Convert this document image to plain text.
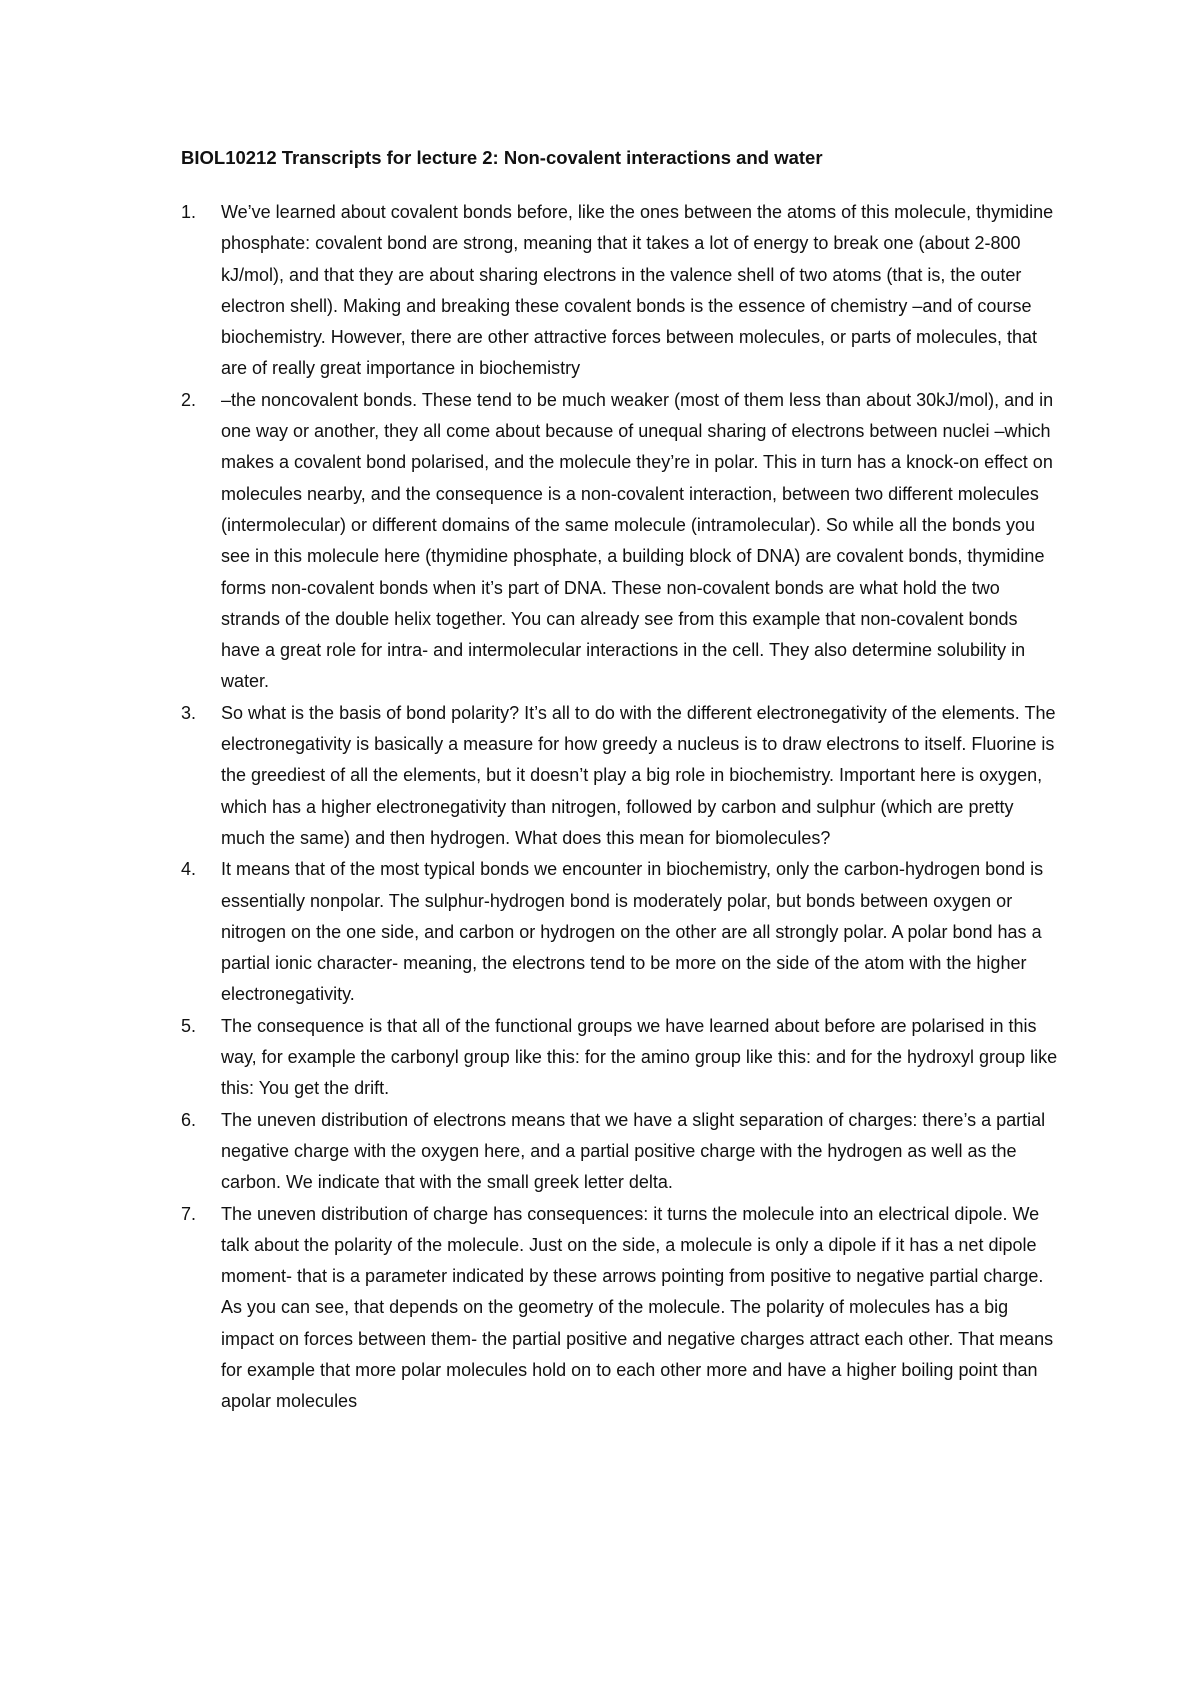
BIOL10212 Transcripts for lecture 2: Non-covalent interactions and water
1.	We’ve learned about covalent bonds before, like the ones between the atoms of this molecule, thymidine phosphate: covalent bond are strong, meaning that it takes a lot of energy to break one (about 2-800 kJ/mol), and that they are about sharing electrons in the valence shell of two atoms (that is, the outer electron shell). Making and breaking these covalent bonds is the essence of chemistry –and of course biochemistry. However, there are other attractive forces between molecules, or parts of molecules, that are of really great importance in biochemistry
2.	–the noncovalent bonds. These tend to be much weaker (most of them less than about 30kJ/mol), and in one way or another, they all come about because of unequal sharing of electrons between nuclei –which makes a covalent bond polarised, and the molecule they’re in polar. This in turn has a knock-on effect on molecules nearby, and the consequence is a non-covalent interaction, between two different molecules (intermolecular) or different domains of the same molecule (intramolecular). So while all the bonds you see in this molecule here (thymidine phosphate, a building block of DNA) are covalent bonds, thymidine forms non-covalent bonds when it’s part of DNA. These non-covalent bonds are what hold the two strands of the double helix together. You can already see from this example that non-covalent bonds have a great role for intra- and intermolecular interactions in the cell. They also determine solubility in water.
3.	So what is the basis of bond polarity? It’s all to do with the different electronegativity of the elements. The electronegativity is basically a measure for how greedy a nucleus is to draw electrons to itself. Fluorine is the greediest of all the elements, but it doesn’t play a big role in biochemistry. Important here is oxygen, which has a higher electronegativity than nitrogen, followed by carbon and sulphur (which are pretty much the same) and then hydrogen. What does this mean for biomolecules?
4.	It means that of the most typical bonds we encounter in biochemistry, only the carbon-hydrogen bond is essentially nonpolar. The sulphur-hydrogen bond is moderately polar, but bonds between oxygen or nitrogen on the one side, and carbon or hydrogen on the other are all strongly polar. A polar bond has a partial ionic character- meaning, the electrons tend to be more on the side of the atom with the higher electronegativity.
5.	The consequence is that all of the functional groups we have learned about before are polarised in this way, for example the carbonyl group like this: for the amino group like this: and for the hydroxyl group like this: You get the drift.
6.	The uneven distribution of electrons means that we have a slight separation of charges: there’s a partial negative charge with the oxygen here, and a partial positive charge with the hydrogen as well as the carbon. We indicate that with the small greek letter delta.
7.	The uneven distribution of charge has consequences: it turns the molecule into an electrical dipole. We talk about the polarity of the molecule. Just on the side, a molecule is only a dipole if it has a net dipole moment- that is a parameter indicated by these arrows pointing from positive to negative partial charge. As you can see, that depends on the geometry of the molecule. The polarity of molecules has a big impact on forces between them- the partial positive and negative charges attract each other. That means for example that more polar molecules hold on to each other more and have a higher boiling point than apolar molecules
